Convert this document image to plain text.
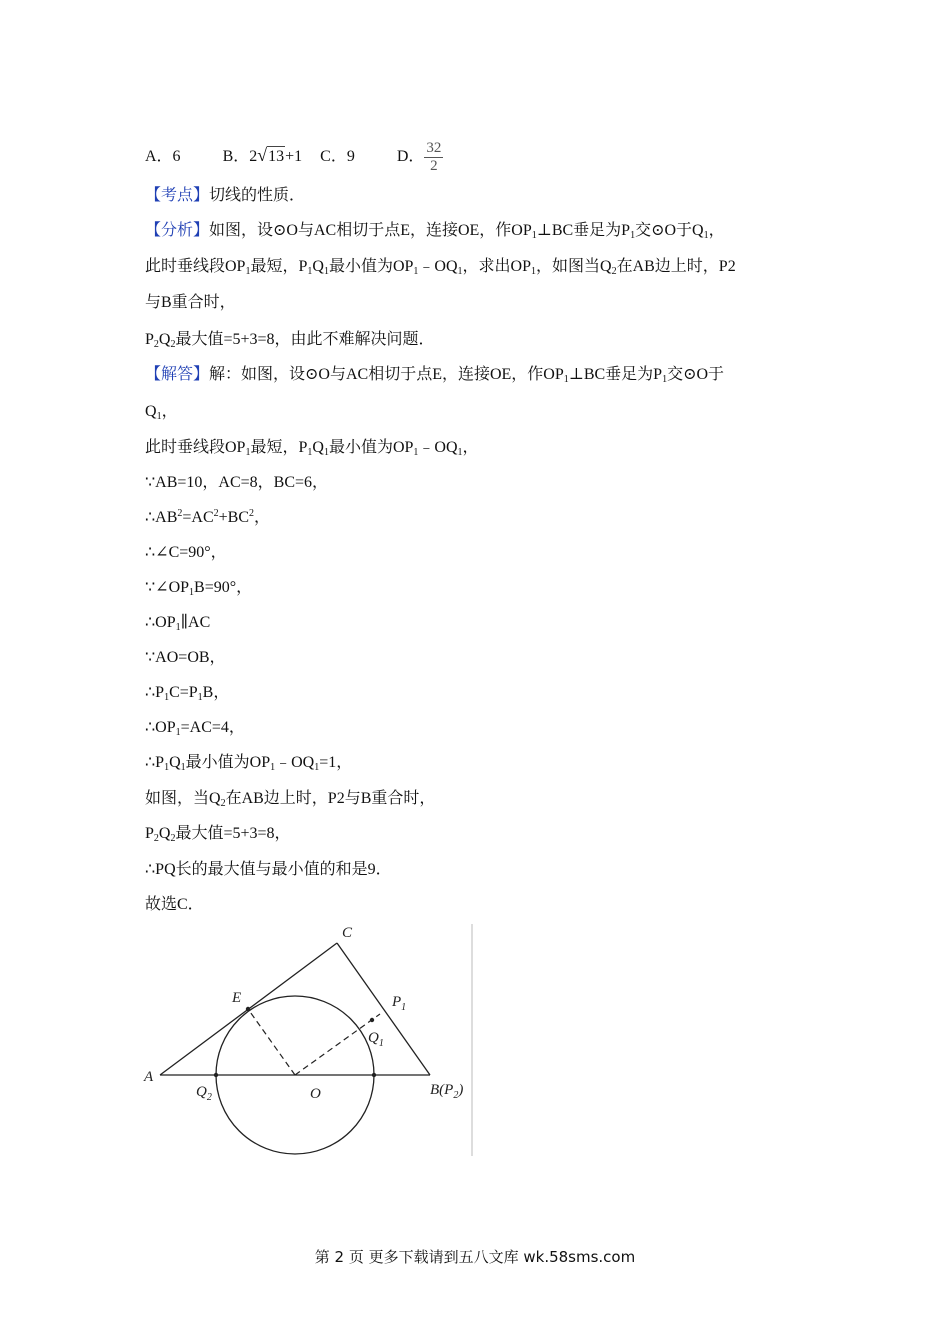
A．6	B．2√13+1 C．9	D． $\frac{32}{2}$
【考点】切线的性质．
【分析】如图，设⊙O与AC相切于点E，连接OE，作$OP_1\perp BC$垂足为$P_1$交⊙O于$Q_1$，
此时垂线段$OP_1$最短，$P_1Q_1$最小值为$OP_1﹣OQ_1$，求出$OP_1$，如图当$Q_2$在AB边上时，P2
与B重合时，
$P_2Q_2$最大值=5+3=8，由此不难解决问题．
【解答】解：如图，设⊙O与AC相切于点E，连接OE，作$OP_1\perp BC$垂足为$P_1$交⊙O于
$Q_1$，
此时垂线段$OP_1$最短，$P_1Q_1$最小值为$OP_1﹣OQ_1$，
∵AB=10，AC=8，BC=6，
$\therefore AB^2=AC^2+BC^2$，
∴∠C=90°，
$\because\angle OP_1B=90^\circ$，
$\therefore OP_1\parallel AC$
∵AO=OB，
$\therefore P_1C=P_1B$，
$\therefore OP_1=AC=4$，
$\therefore P_1Q_1$最小值为$OP_1﹣OQ_1=1$，
如图，当$Q_2$在AB边上时，P2与B重合时，
$P_2Q_2$最大值=5+3=8，
∴PQ长的最大值与最小值的和是9．
故选C．
C
E	$P_1$
$Q_1$
A
$Q_2$	O	$B(P_2)$
第 2 页 更多下载请到五八文库 wk.58sms.com
